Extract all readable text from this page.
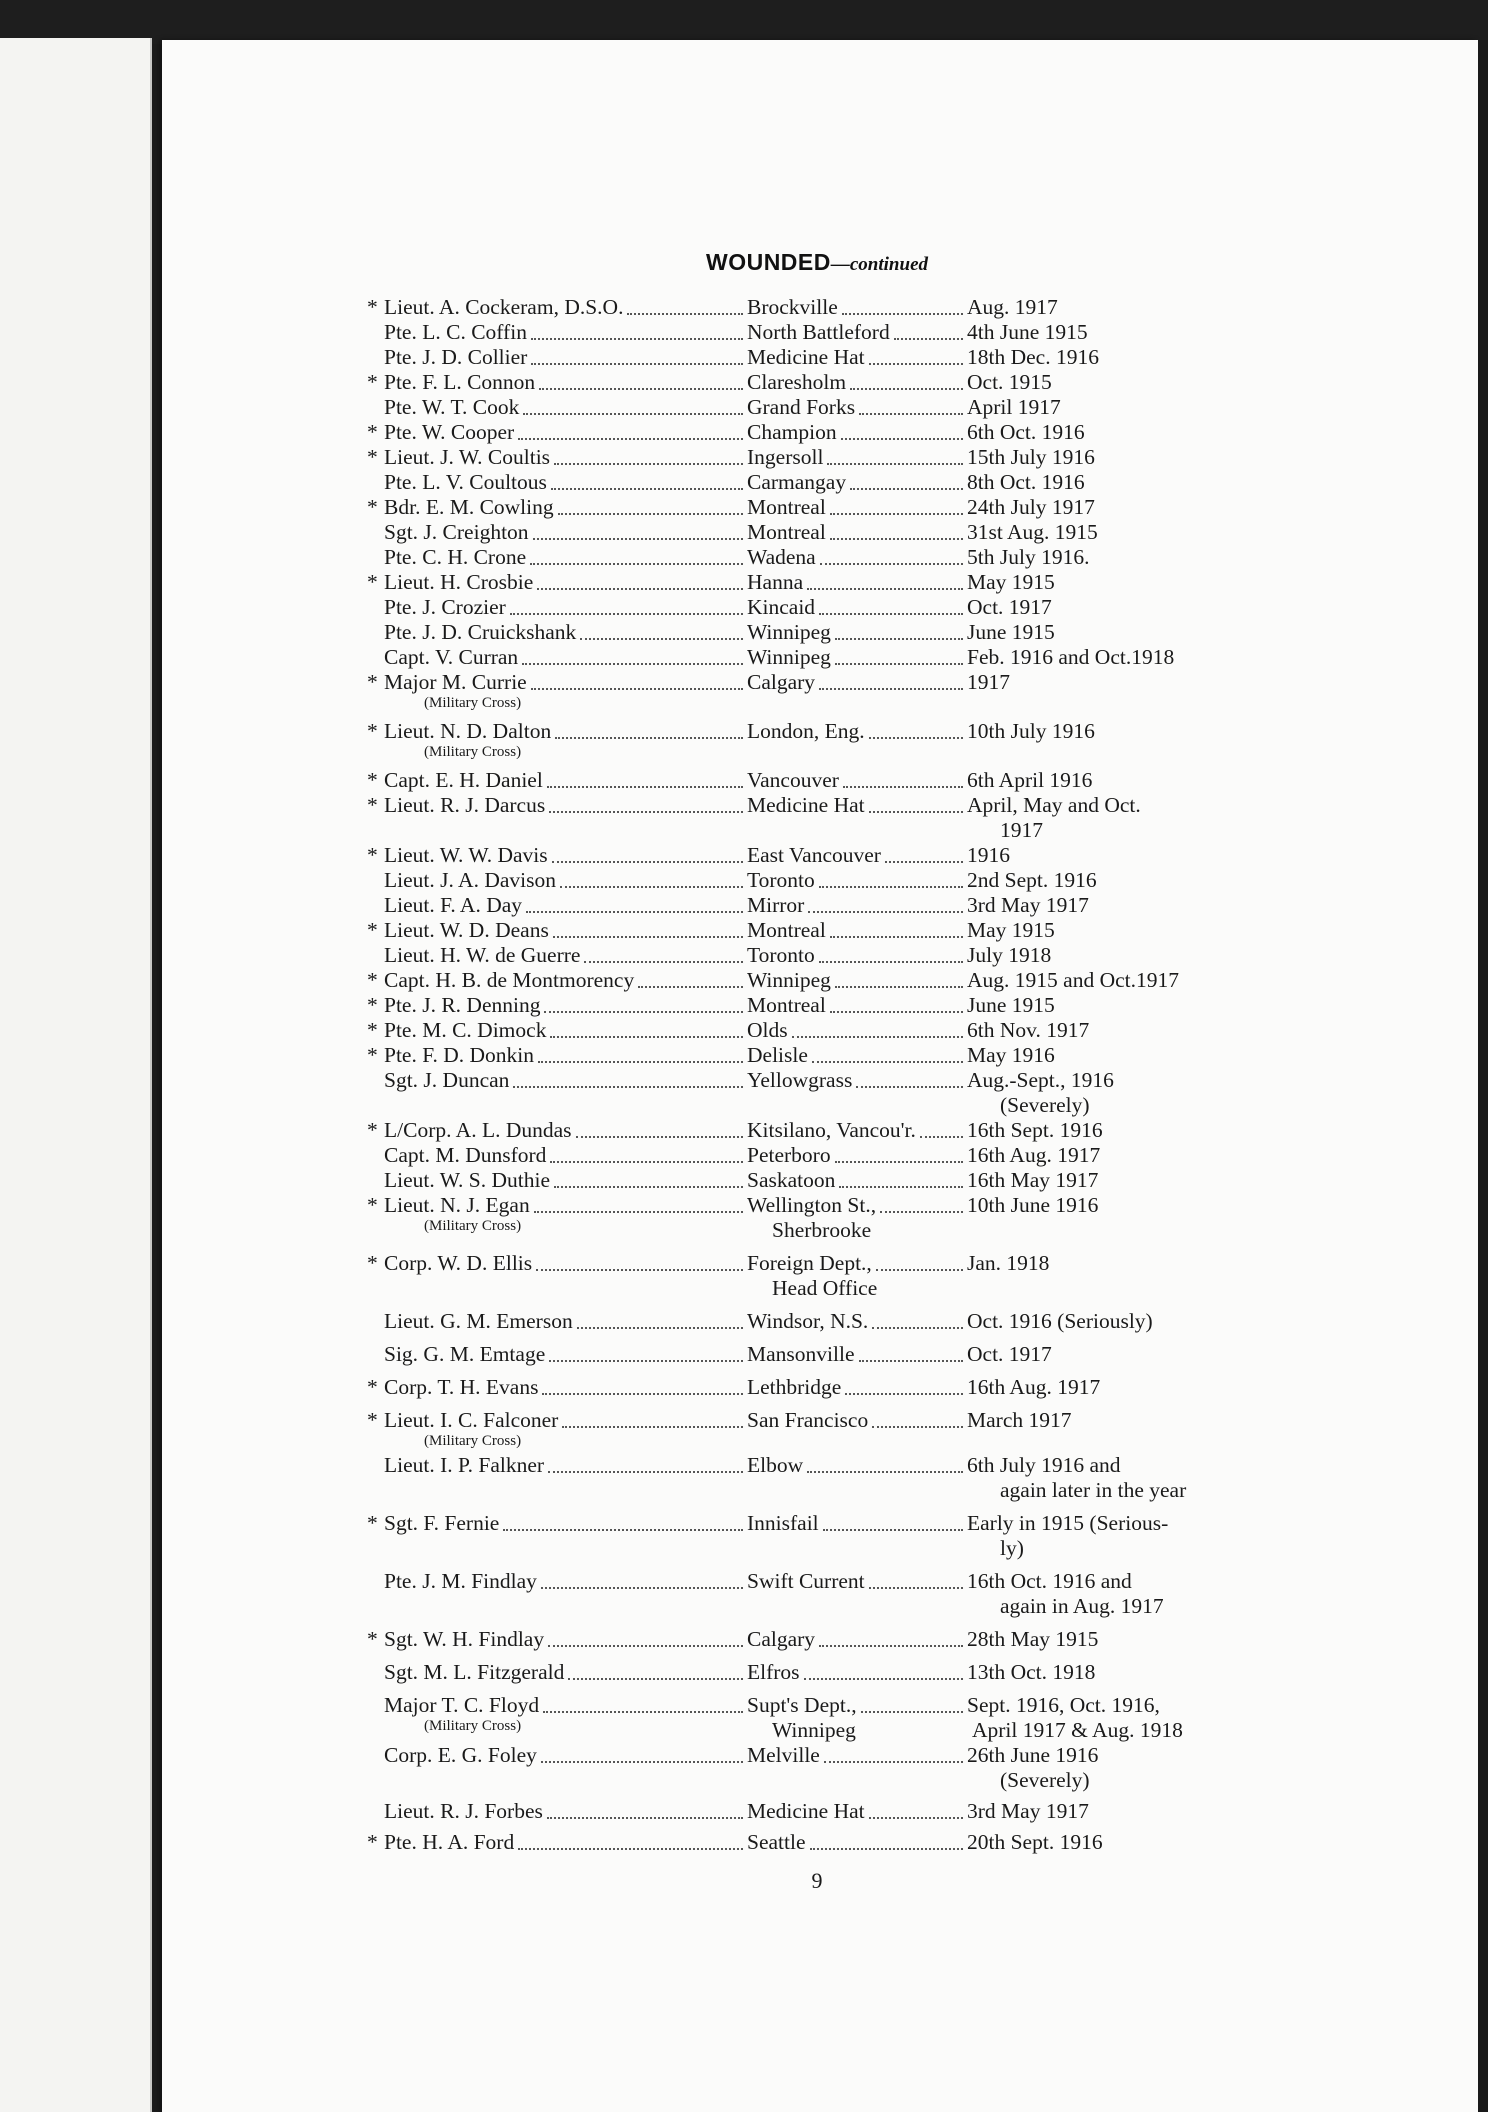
WOUNDED—continued
* Lieut. A. Cockeram, D.S.O.	Brockville	Aug. 1917
Pte. L. C. Coffin	North Battleford	4th June 1915
Pte. J. D. Collier	Medicine Hat	18th Dec. 1916
* Pte. F. L. Connon	Claresholm	Oct. 1915
Pte. W. T. Cook	Grand Forks	April 1917
* Pte. W. Cooper	Champion	6th Oct. 1916
* Lieut. J. W. Coultis	Ingersoll	15th July 1916
Pte. L. V. Coultous	Carmangay	8th Oct. 1916
* Bdr. E. M. Cowling	Montreal	24th July 1917
Sgt. J. Creighton	Montreal	31st Aug. 1915
Pte. C. H. Crone	Wadena	5th July 1916.
* Lieut. H. Crosbie	Hanna	May 1915
Pte. J. Crozier	Kincaid	Oct. 1917
Pte. J. D. Cruickshank	Winnipeg	June 1915
Capt. V. Curran	Winnipeg	Feb. 1916 and Oct.1918
* Major M. Currie	Calgary	1917
(Military Cross)
* Lieut. N. D. Dalton	London, Eng.	10th July 1916
(Military Cross)
* Capt. E. H. Daniel	Vancouver	6th April 1916
* Lieut. R. J. Darcus	Medicine Hat	April, May and Oct.
1917
* Lieut. W. W. Davis	East Vancouver	1916
Lieut. J. A. Davison	Toronto	2nd Sept. 1916
Lieut. F. A. Day	Mirror	3rd May 1917
* Lieut. W. D. Deans	Montreal	May 1915
Lieut. H. W. de Guerre	Toronto	July 1918
* Capt. H. B. de Montmorency	Winnipeg	Aug. 1915 and Oct.1917
* Pte. J. R. Denning	Montreal	June 1915
* Pte. M. C. Dimock	Olds	6th Nov. 1917
* Pte. F. D. Donkin	Delisle	May 1916
Sgt. J. Duncan	Yellowgrass	Aug.-Sept., 1916
(Severely)
* L/Corp. A. L. Dundas	Kitsilano, Vancou'r. 16th Sept. 1916
Capt. M. Dunsford	Peterboro	16th Aug. 1917
Lieut. W. S. Duthie	Saskatoon	16th May 1917
* Lieut. N. J. Egan	Wellington St.,	10th June 1916
(Military Cross)	Sherbrooke
* Corp. W. D. Ellis	Foreign Dept.,	Jan. 1918
Head Office
Lieut. G. M. Emerson	Windsor, N.S.	Oct. 1916 (Seriously)
Sig. G. M. Emtage	Mansonville	Oct. 1917
* Corp. T. H. Evans	Lethbridge	16th Aug. 1917
* Lieut. I. C. Falconer	San Francisco	March 1917
(Military Cross)
Lieut. I. P. Falkner	Elbow	6th July 1916 and
again later in the year
* Sgt. F. Fernie	Innisfail	Early in 1915 (Serious-
ly)
Pte. J. M. Findlay	Swift Current	16th Oct. 1916 and
again in Aug. 1917
* Sgt. W. H. Findlay	Calgary	28th May 1915
Sgt. M. L. Fitzgerald	Elfros	13th Oct. 1918
Major T. C. Floyd	Supt's Dept.,	Sept. 1916, Oct. 1916,
(Military Cross)	Winnipeg	April 1917 & Aug. 1918
Corp. E. G. Foley	Melville	26th June 1916
(Severely)
Lieut. R. J. Forbes	Medicine Hat	3rd May 1917
* Pte. H. A. Ford	Seattle	20th Sept. 1916
9
